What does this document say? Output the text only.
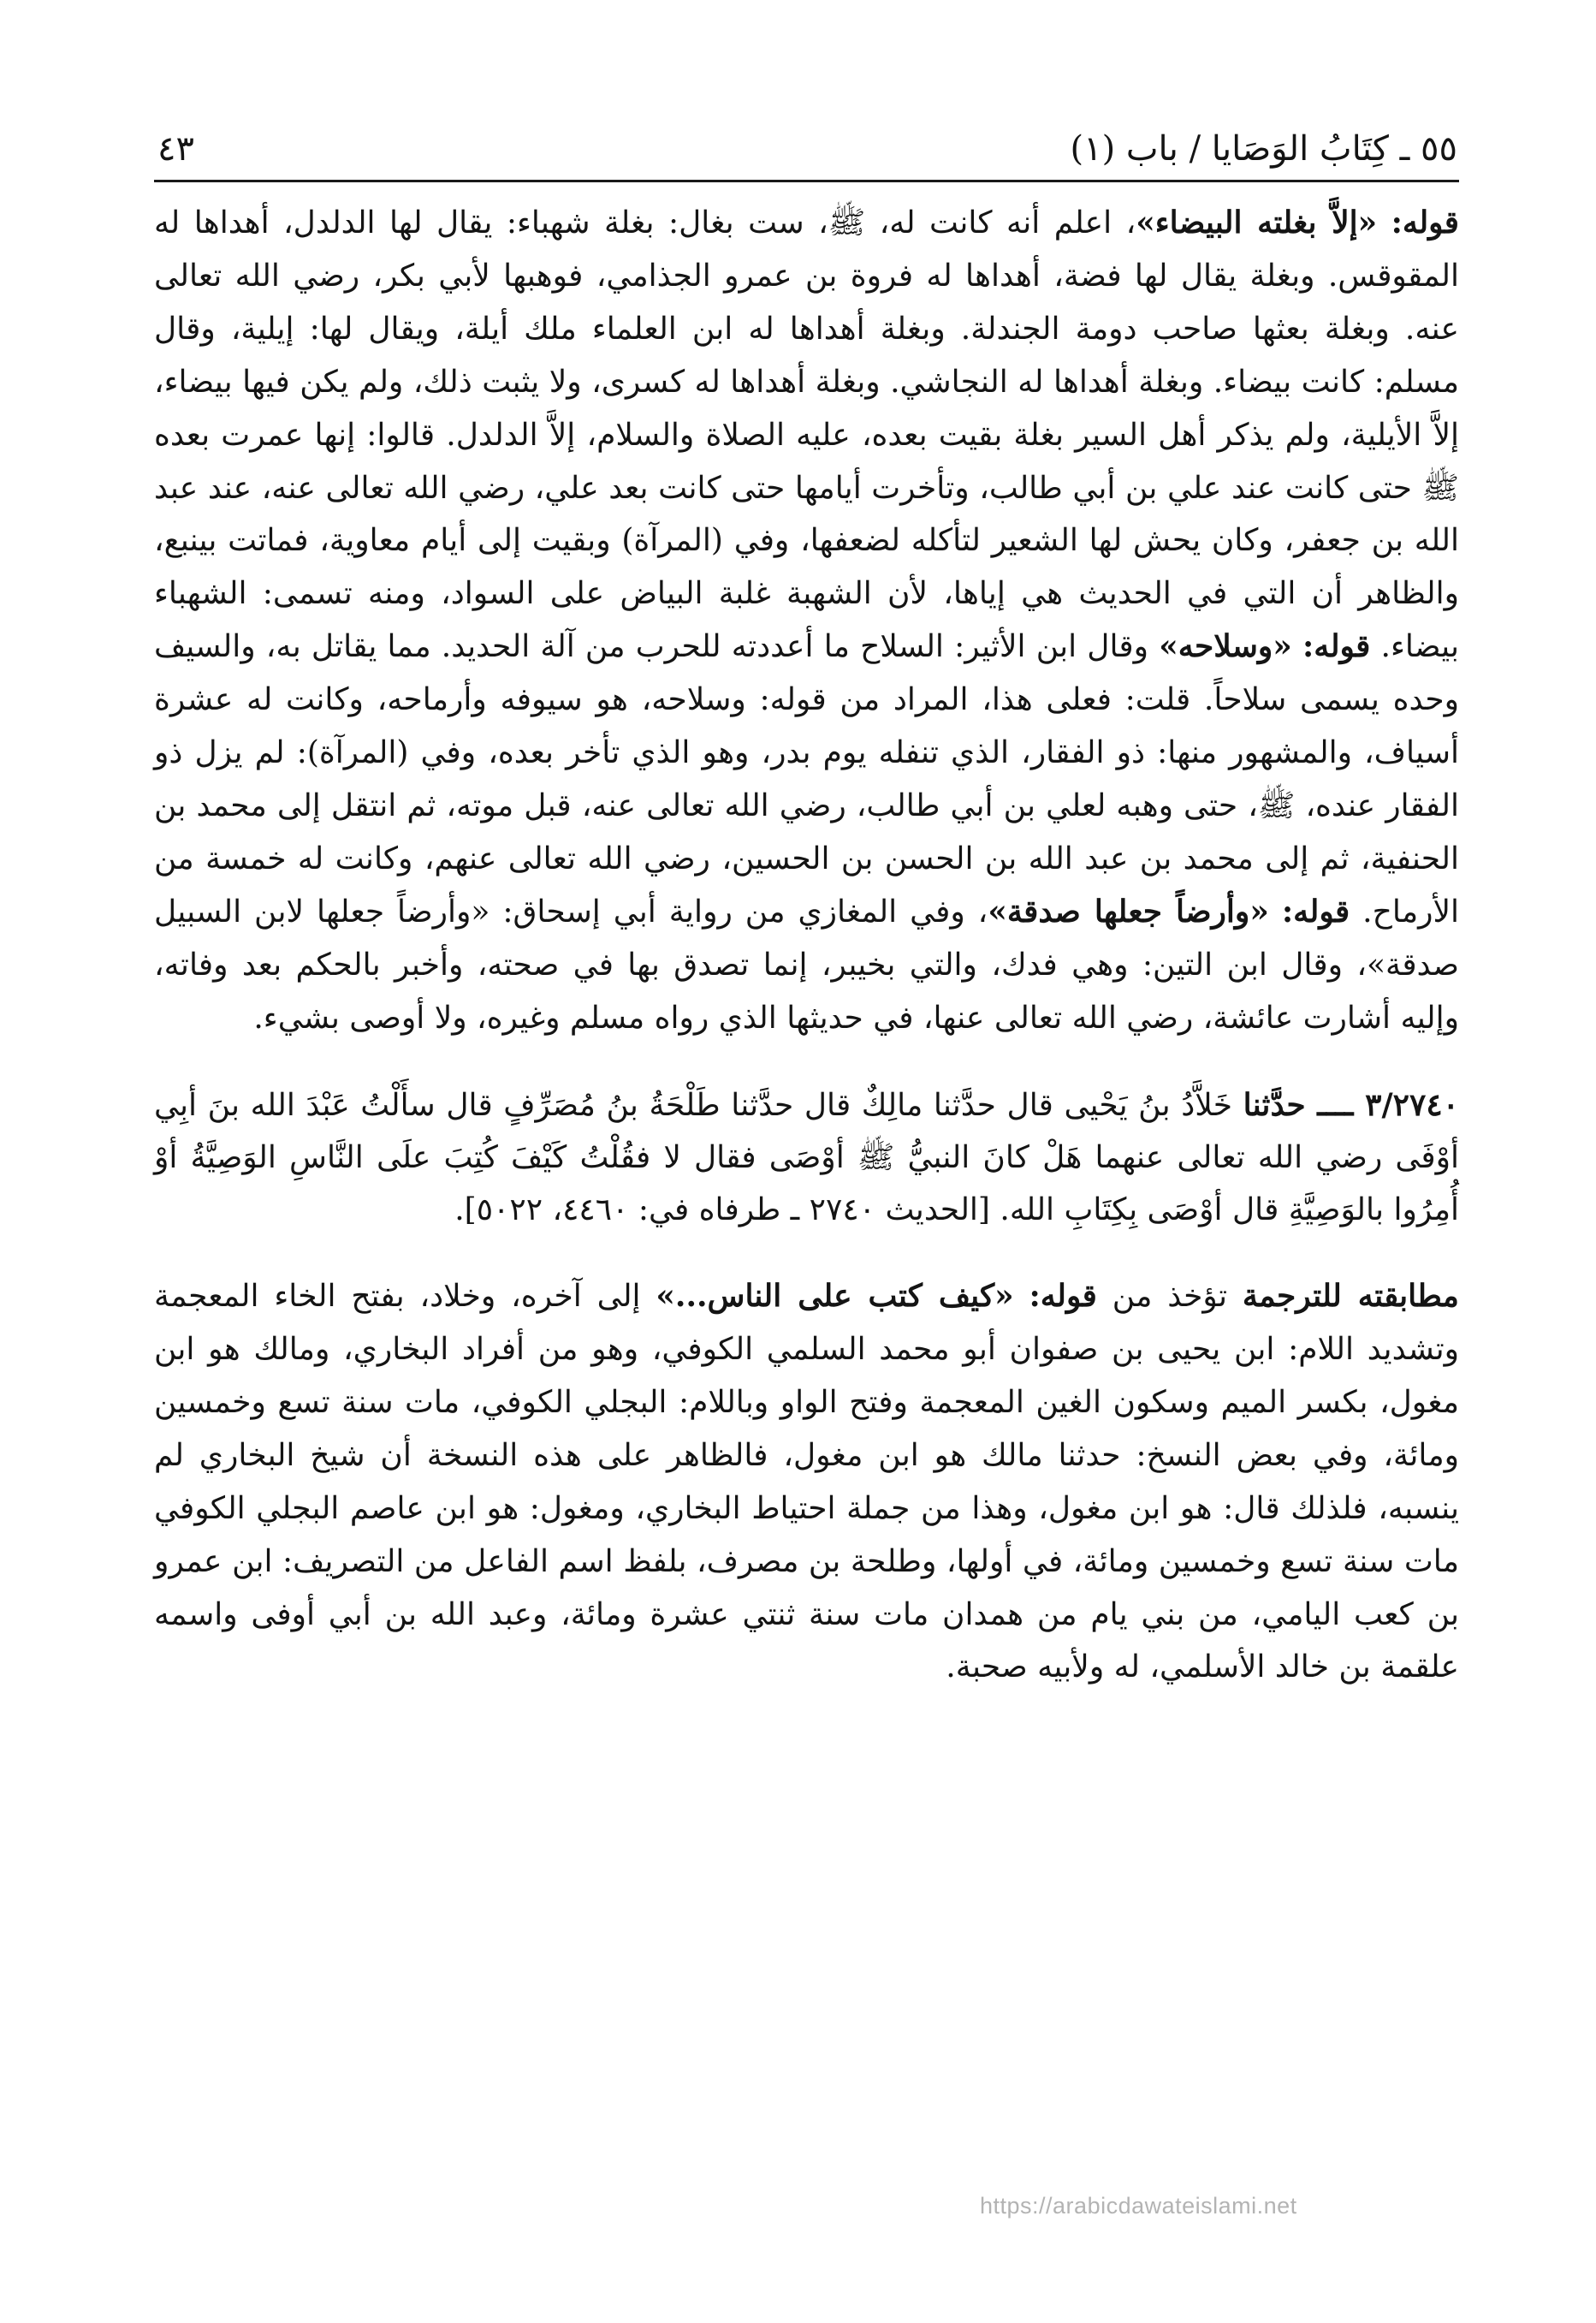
٥٥ ـ كِتَابُ الوَصَايا / باب (١)
٤٣

قوله: «إلاَّ بغلته البيضاء»، اعلم أنه كانت له، ﷺ، ست بغال: بغلة شهباء: يقال لها الدلدل، أهداها له المقوقس. وبغلة يقال لها فضة، أهداها له فروة بن عمرو الجذامي، فوهبها لأبي بكر، رضي الله تعالى عنه. وبغلة بعثها صاحب دومة الجندلة. وبغلة أهداها له ابن العلماء ملك أيلة، ويقال لها: إيلية، وقال مسلم: كانت بيضاء. وبغلة أهداها له النجاشي. وبغلة أهداها له كسرى، ولا يثبت ذلك، ولم يكن فيها بيضاء، إلاَّ الأيلية، ولم يذكر أهل السير بغلة بقيت بعده، عليه الصلاة والسلام، إلاَّ الدلدل. قالوا: إنها عمرت بعده ﷺ حتى كانت عند علي بن أبي طالب، وتأخرت أيامها حتى كانت بعد علي، رضي الله تعالى عنه، عند عبد الله بن جعفر، وكان يحش لها الشعير لتأكله لضعفها، وفي (المرآة) وبقيت إلى أيام معاوية، فماتت بينبع، والظاهر أن التي في الحديث هي إياها، لأن الشهبة غلبة البياض على السواد، ومنه تسمى: الشهباء بيضاء. قوله: «وسلاحه» وقال ابن الأثير: السلاح ما أعددته للحرب من آلة الحديد. مما يقاتل به، والسيف وحده يسمى سلاحاً. قلت: فعلى هذا، المراد من قوله: وسلاحه، هو سيوفه وأرماحه، وكانت له عشرة أسياف، والمشهور منها: ذو الفقار، الذي تنفله يوم بدر، وهو الذي تأخر بعده، وفي (المرآة): لم يزل ذو الفقار عنده، ﷺ، حتى وهبه لعلي بن أبي طالب، رضي الله تعالى عنه، قبل موته، ثم انتقل إلى محمد بن الحنفية، ثم إلى محمد بن عبد الله بن الحسن بن الحسين، رضي الله تعالى عنهم، وكانت له خمسة من الأرماح. قوله: «وأرضاً جعلها صدقة»، وفي المغازي من رواية أبي إسحاق: «وأرضاً جعلها لابن السبيل صدقة»، وقال ابن التين: وهي فدك، والتي بخيبر، إنما تصدق بها في صحته، وأخبر بالحكم بعد وفاته، وإليه أشارت عائشة، رضي الله تعالى عنها، في حديثها الذي رواه مسلم وغيره، ولا أوصى بشيء.

٣/٢٧٤٠ ــــ حدَّثنا خَلاَّدُ بنُ يَحْيى قال حدَّثنا مالِكٌ قال حدَّثنا طَلْحَةُ بنُ مُصَرِّفٍ قال سأَلْتُ عَبْدَ الله بنَ أبِي أوْفَى رضي الله تعالى عنهما هَلْ كانَ النبيُّ ﷺ أوْصَى فقال لا فقُلْتُ كَيْفَ كُتِبَ علَى النَّاسِ الوَصِيَّةُ أوْ أُمِرُوا بالوَصِيَّةِ قال أوْصَى بِكِتَابِ الله. [الحديث ٢٧٤٠ ـ طرفاه في: ٤٤٦٠، ٥٠٢٢].

مطابقته للترجمة تؤخذ من قوله: «كيف كتب على الناس...» إلى آخره، وخلاد، بفتح الخاء المعجمة وتشديد اللام: ابن يحيى بن صفوان أبو محمد السلمي الكوفي، وهو من أفراد البخاري، ومالك هو ابن مغول، بكسر الميم وسكون الغين المعجمة وفتح الواو وباللام: البجلي الكوفي، مات سنة تسع وخمسين ومائة، وفي بعض النسخ: حدثنا مالك هو ابن مغول، فالظاهر على هذه النسخة أن شيخ البخاري لم ينسبه، فلذلك قال: هو ابن مغول، وهذا من جملة احتياط البخاري، ومغول: هو ابن عاصم البجلي الكوفي مات سنة تسع وخمسين ومائة، في أولها، وطلحة بن مصرف، بلفظ اسم الفاعل من التصريف: ابن عمرو بن كعب اليامي، من بني يام من همدان مات سنة ثنتي عشرة ومائة، وعبد الله بن أبي أوفى واسمه علقمة بن خالد الأسلمي، له ولأبيه صحبة.

https://arabicdawateislami.net
